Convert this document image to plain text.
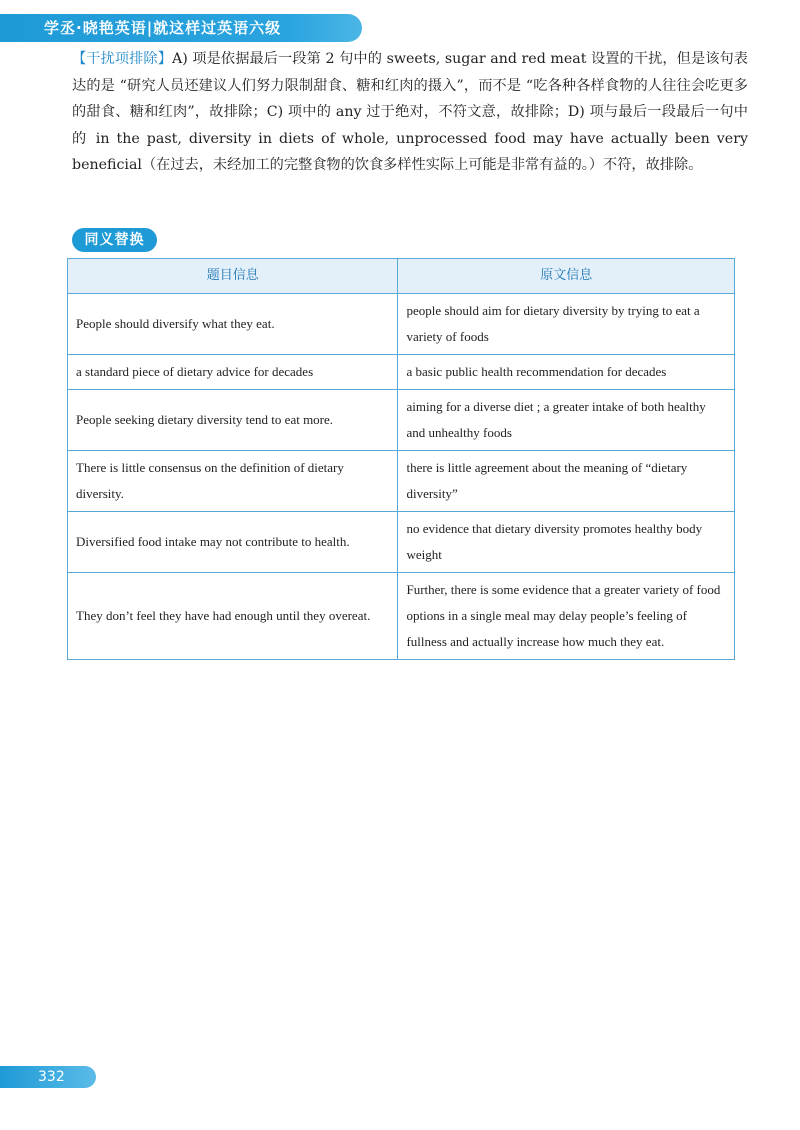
学丞·晓艳英语|就这样过英语六级
【干扰项排除】A) 项是依据最后一段第 2 句中的 sweets, sugar and red meat 设置的干扰，但是该句表达的是 “研究人员还建议人们努力限制甜食、糖和红肉的摄入”，而不是 “吃各种各样食物的人往往会吃更多的甜食、糖和红肉”，故排除；C) 项中的 any 过于绝对，不符文意，故排除；D) 项与最后一段最后一句中的 in the past, diversity in diets of whole, unprocessed food may have actually been very beneficial（在过去，未经加工的完整食物的饮食多样性实际上可能是非常有益的。）不符，故排除。
同义替换
题目信息	原文信息
People should diversify what they eat.	people should aim for dietary diversity by trying to eat a variety of foods
a standard piece of dietary advice for decades	a basic public health recommendation for decades
People seeking dietary diversity tend to eat more.	aiming for a diverse diet ; a greater intake of both healthy and unhealthy foods
There is little consensus on the definition of dietary diversity.	there is little agreement about the meaning of “dietary diversity”
Diversified food intake may not contribute to health.	no evidence that dietary diversity promotes healthy body weight
They don’t feel they have had enough until they overeat.	Further, there is some evidence that a greater variety of food options in a single meal may delay people’s feeling of fullness and actually increase how much they eat.
332
